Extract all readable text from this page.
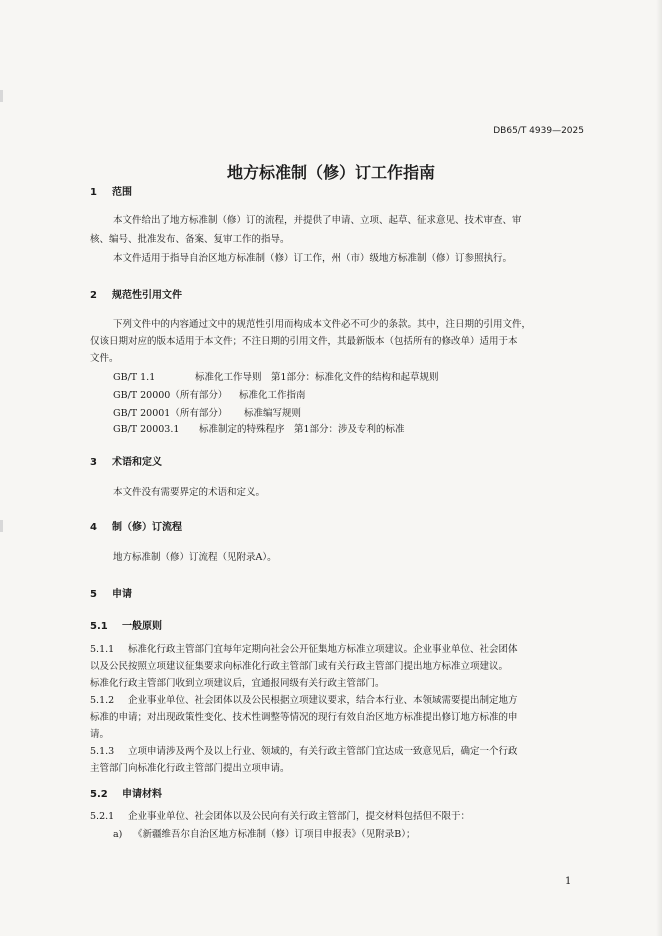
DB65/T 4939—2025
地方标准制（修）订工作指南
1 范围
本文件给出了地方标准制（修）订的流程，并提供了申请、立项、起草、征求意见、技术审查、审
核、编号、批准发布、备案、复审工作的指导。
本文件适用于指导自治区地方标准制（修）订工作，州（市）级地方标准制（修）订参照执行。
2 规范性引用文件
下列文件中的内容通过文中的规范性引用而构成本文件必不可少的条款。其中，注日期的引用文件，
仅该日期对应的版本适用于本文件；不注日期的引用文件，其最新版本（包括所有的修改单）适用于本
文件。
GB/T 1.1	标准化工作导则　第1部分：标准化文件的结构和起草规则
GB/T 20000（所有部分） 标准化工作指南
GB/T 20001（所有部分） 标准编写规则
GB/T 20003.1 标准制定的特殊程序　第1部分：涉及专利的标准
3 术语和定义
本文件没有需要界定的术语和定义。
4 制（修）订流程
地方标准制（修）订流程（见附录A）。
5 申请
5.1 一般原则
5.1.1 标准化行政主管部门宜每年定期向社会公开征集地方标准立项建议。企业事业单位、社会团体
以及公民按照立项建议征集要求向标准化行政主管部门或有关行政主管部门提出地方标准立项建议。
标准化行政主管部门收到立项建议后，宜通报同级有关行政主管部门。
5.1.2 企业事业单位、社会团体以及公民根据立项建议要求，结合本行业、本领域需要提出制定地方
标准的申请；对出现政策性变化、技术性调整等情况的现行有效自治区地方标准提出修订地方标准的申
请。
5.1.3 立项申请涉及两个及以上行业、领域的，有关行政主管部门宜达成一致意见后，确定一个行政
主管部门向标准化行政主管部门提出立项申请。
5.2 申请材料
5.2.1 企业事业单位、社会团体以及公民向有关行政主管部门，提交材料包括但不限于：
a) 《新疆维吾尔自治区地方标准制（修）订项目申报表》（见附录B）；
1
